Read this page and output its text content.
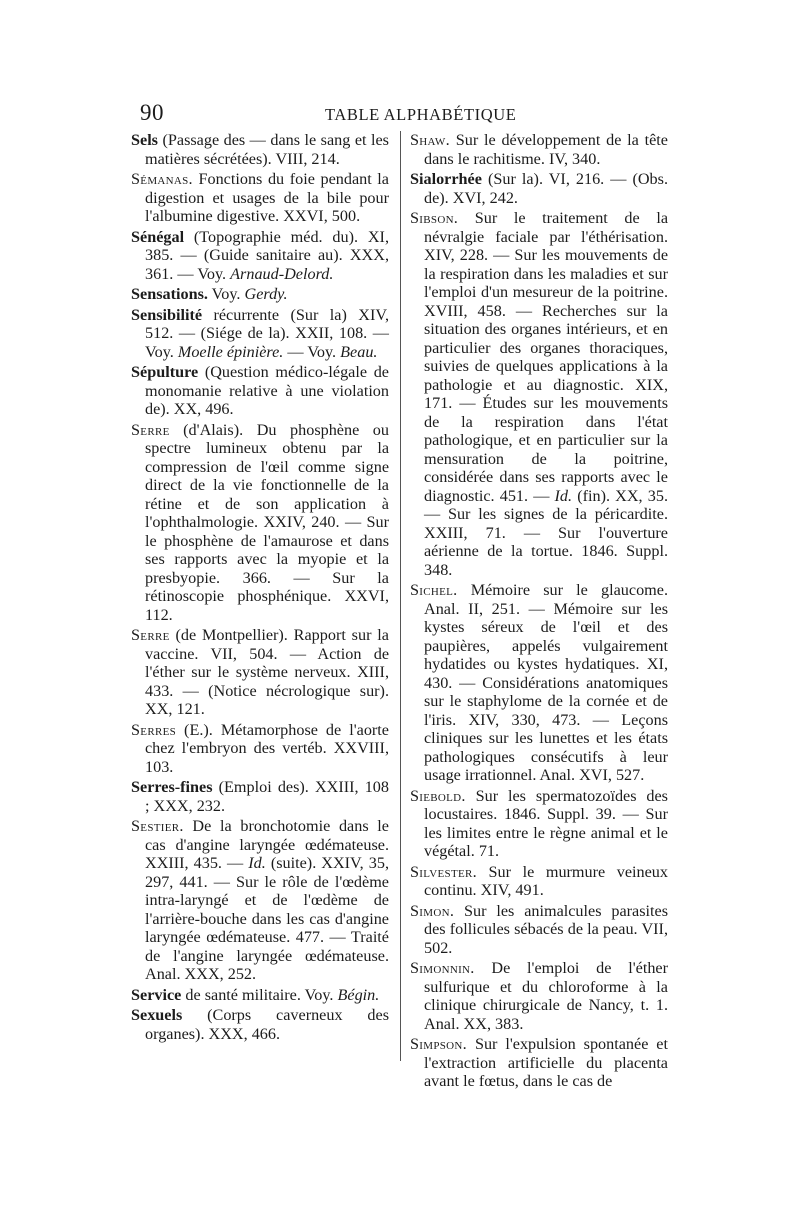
90	TABLE ALPHABÉTIQUE

Sels (Passage des — dans le sang et les matières sécrétées). VIII, 214.

Sémanas. Fonctions du foie pendant la digestion et usages de la bile pour l'albumine digestive. XXVI, 500.

Sénégal (Topographie méd. du). XI, 385. — (Guide sanitaire au). XXX, 361. — Voy. Arnaud-Delord.

Sensations. Voy. Gerdy.

Sensibilité récurrente (Sur la) XIV, 512. — (Siége de la). XXII, 108. — Voy. Moelle épinière. — Voy. Beau.

Sépulture (Question médico-légale de monomanie relative à une violation de). XX, 496.

Serre (d'Alais). Du phosphène ou spectre lumineux obtenu par la compression de l'œil comme signe direct de la vie fonctionnelle de la rétine et de son application à l'ophthalmologie. XXIV, 240. — Sur le phosphène de l'amaurose et dans ses rapports avec la myopie et la presbyopie. 366. — Sur la rétinoscopie phosphénique. XXVI, 112.

Serre (de Montpellier). Rapport sur la vaccine. VII, 504. — Action de l'éther sur le système nerveux. XIII, 433. — (Notice nécrologique sur). XX, 121.

Serres (E.). Métamorphose de l'aorte chez l'embryon des vertéb. XXVIII, 103.

Serres-fines (Emploi des). XXIII, 108 ; XXX, 232.

Sestier. De la bronchotomie dans le cas d'angine laryngée œdémateuse. XXIII, 435. — Id. (suite). XXIV, 35, 297, 441. — Sur le rôle de l'œdème intra-laryngé et de l'œdème de l'arrière-bouche dans les cas d'angine laryngée œdémateuse. 477. — Traité de l'angine laryngée œdémateuse. Anal. XXX, 252.

Service de santé militaire. Voy. Bégin.

Sexuels (Corps caverneux des organes). XXX, 466.

Shaw. Sur le développement de la tête dans le rachitisme. IV, 340.

Sialorrhée (Sur la). VI, 216. — (Obs. de). XVI, 242.

Sibson. Sur le traitement de la névralgie faciale par l'éthérisation. XIV, 228. — Sur les mouvements de la respiration dans les maladies et sur l'emploi d'un mesureur de la poitrine. XVIII, 458. — Recherches sur la situation des organes intérieurs, et en particulier des organes thoraciques, suivies de quelques applications à la pathologie et au diagnostic. XIX, 171. — Études sur les mouvements de la respiration dans l'état pathologique, et en particulier sur la mensuration de la poitrine, considérée dans ses rapports avec le diagnostic. 451. — Id. (fin). XX, 35. — Sur les signes de la péricardite. XXIII, 71. — Sur l'ouverture aérienne de la tortue. 1846. Suppl. 348.

Sichel. Mémoire sur le glaucome. Anal. II, 251. — Mémoire sur les kystes séreux de l'œil et des paupières, appelés vulgairement hydatides ou kystes hydatiques. XI, 430. — Considérations anatomiques sur le staphylome de la cornée et de l'iris. XIV, 330, 473. — Leçons cliniques sur les lunettes et les états pathologiques consécutifs à leur usage irrationnel. Anal. XVI, 527.

Siebold. Sur les spermatozoïdes des locustaires. 1846. Suppl. 39. — Sur les limites entre le règne animal et le végétal. 71.

Silvester. Sur le murmure veineux continu. XIV, 491.

Simon. Sur les animalcules parasites des follicules sébacés de la peau. VII, 502.

Simonnin. De l'emploi de l'éther sulfurique et du chloroforme à la clinique chirurgicale de Nancy, t. 1. Anal. XX, 383.

Simpson. Sur l'expulsion spontanée et l'extraction artificielle du placenta avant le fœtus, dans le cas de
